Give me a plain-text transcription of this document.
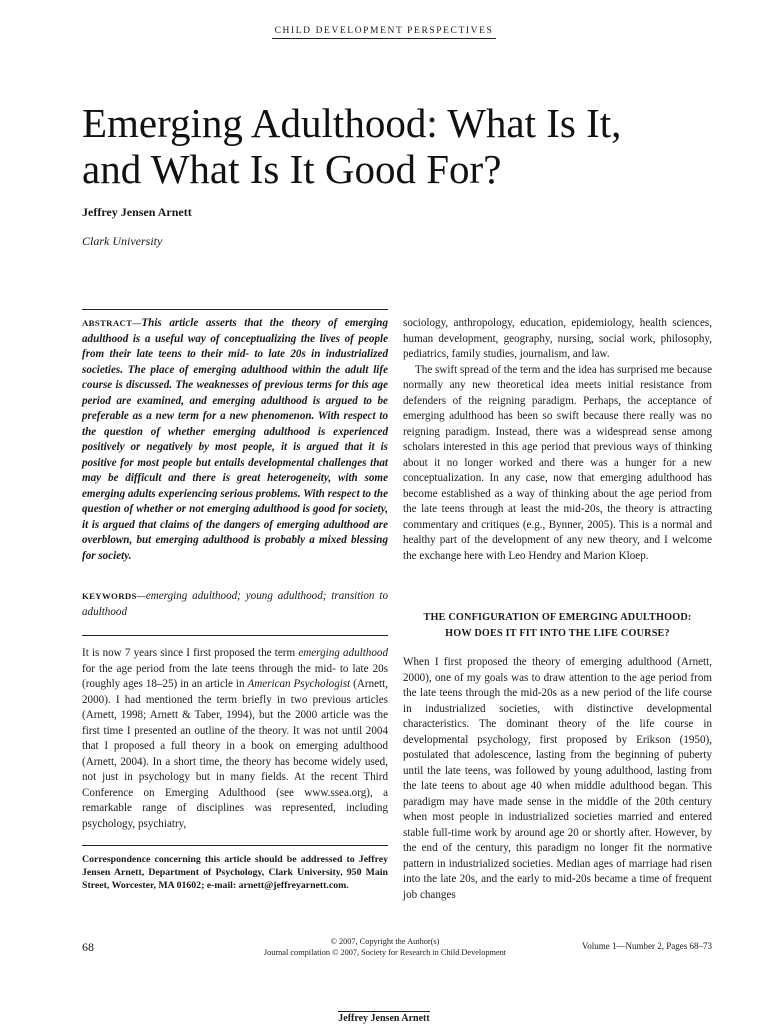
CHILD DEVELOPMENT PERSPECTIVES
Emerging Adulthood: What Is It,
and What Is It Good For?
Jeffrey Jensen Arnett
Clark University
ABSTRACT—This article asserts that the theory of emerging adulthood is a useful way of conceptualizing the lives of people from their late teens to their mid- to late 20s in industrialized societies. The place of emerging adulthood within the adult life course is discussed. The weaknesses of previous terms for this age period are examined, and emerging adulthood is argued to be preferable as a new term for a new phenomenon. With respect to the question of whether emerging adulthood is experienced positively or negatively by most people, it is argued that it is positive for most people but entails developmental challenges that may be difficult and there is great heterogeneity, with some emerging adults experiencing serious problems. With respect to the question of whether or not emerging adulthood is good for society, it is argued that claims of the dangers of emerging adulthood are overblown, but emerging adulthood is probably a mixed blessing for society.
KEYWORDS—emerging adulthood; young adulthood; transition to adulthood

It is now 7 years since I first proposed the term emerging adulthood for the age period from the late teens through the mid- to late 20s (roughly ages 18–25) in an article in American Psychologist (Arnett, 2000). I had mentioned the term briefly in two previous articles (Arnett, 1998; Arnett & Taber, 1994), but the 2000 article was the first time I presented an outline of the theory. It was not until 2004 that I proposed a full theory in a book on emerging adulthood (Arnett, 2004). In a short time, the theory has become widely used, not just in psychology but in many fields. At the recent Third Conference on Emerging Adulthood (see www.ssea.org), a remarkable range of disciplines was represented, including psychology, psychiatry,

Correspondence concerning this article should be addressed to Jeffrey Jensen Arnett, Department of Psychology, Clark University, 950 Main Street, Worcester, MA 01602; e-mail: arnett@jeffreyarnett.com.

sociology, anthropology, education, epidemiology, health sciences, human development, geography, nursing, social work, philosophy, pediatrics, family studies, journalism, and law.

The swift spread of the term and the idea has surprised me because normally any new theoretical idea meets initial resistance from defenders of the reigning paradigm. Perhaps, the acceptance of emerging adulthood has been so swift because there really was no reigning paradigm. Instead, there was a widespread sense among scholars interested in this age period that previous ways of thinking about it no longer worked and there was a hunger for a new conceptualization. In any case, now that emerging adulthood has become established as a way of thinking about the age period from the late teens through at least the mid-20s, the theory is attracting commentary and critiques (e.g., Bynner, 2005). This is a normal and healthy part of the development of any new theory, and I welcome the exchange here with Leo Hendry and Marion Kloep.

THE CONFIGURATION OF EMERGING ADULTHOOD:
HOW DOES IT FIT INTO THE LIFE COURSE?

When I first proposed the theory of emerging adulthood (Arnett, 2000), one of my goals was to draw attention to the age period from the late teens through the mid-20s as a new period of the life course in industrialized societies, with distinctive developmental characteristics. The dominant theory of the life course in developmental psychology, first proposed by Erikson (1950), postulated that adolescence, lasting from the beginning of puberty until the late teens, was followed by young adulthood, lasting from the late teens to about age 40 when middle adulthood began. This paradigm may have made sense in the middle of the 20th century when most people in industrialized societies married and entered stable full-time work by around age 20 or shortly after. However, by the end of the century, this paradigm no longer fit the normative pattern in industrialized societies. Median ages of marriage had risen into the late 20s, and the early to mid-20s became a time of frequent job changes

68	© 2007, Copyright the Author(s)
Journal compilation © 2007, Society for Research in Child Development
Volume 1—Number 2, Pages 68–73
Jeffrey Jensen Arnett
